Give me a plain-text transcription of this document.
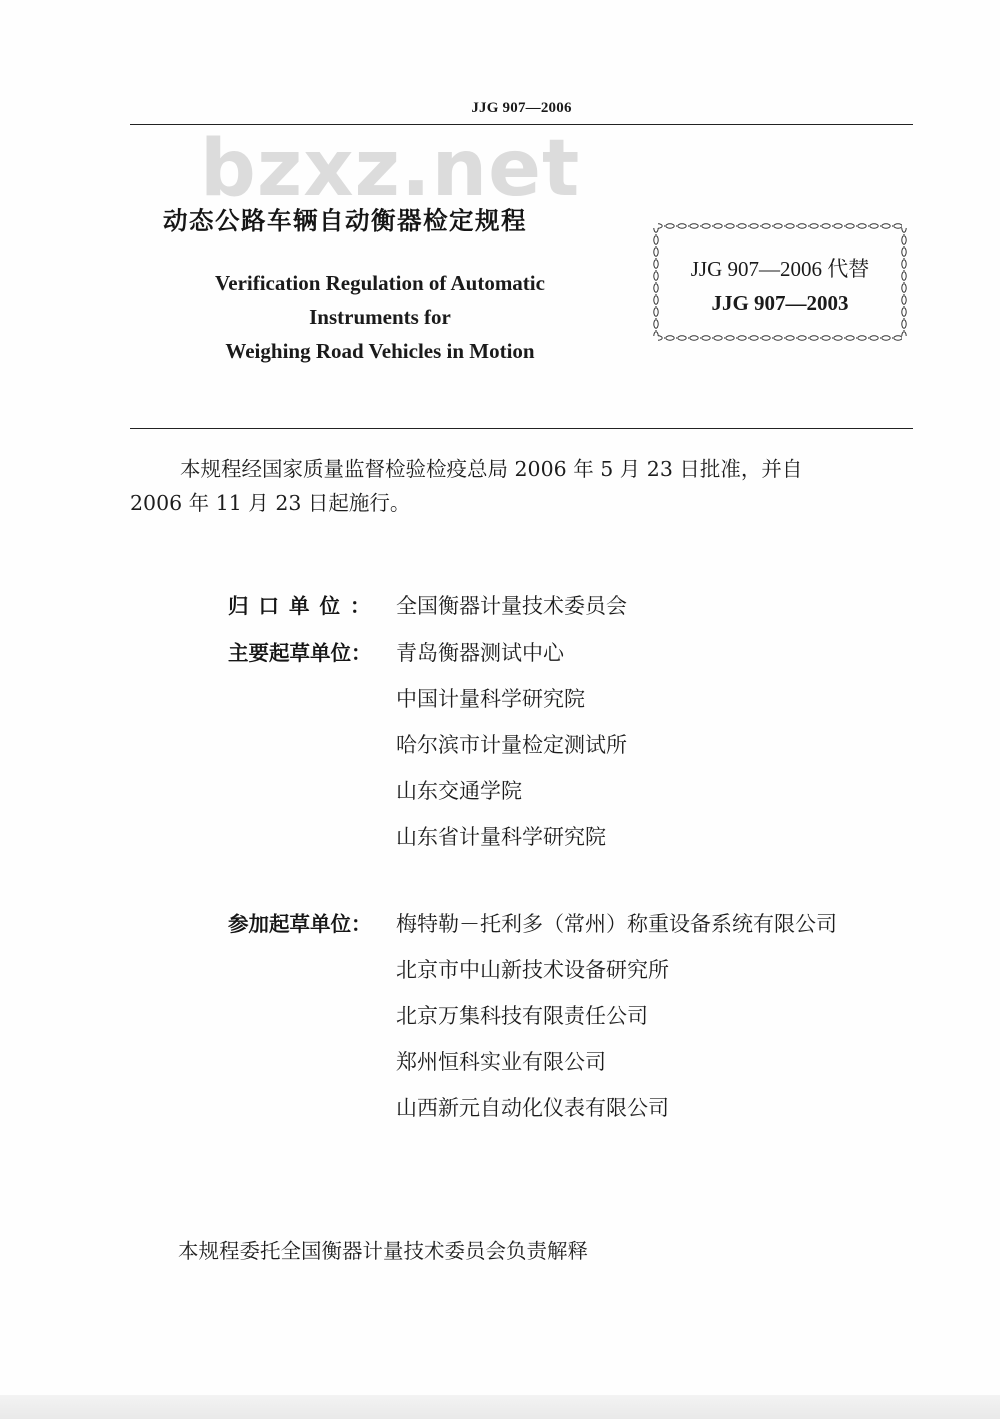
JJG 907—2006
bzxz.net
动态公路车辆自动衡器检定规程
Verification Regulation of Automatic
Instruments for
Weighing Road Vehicles in Motion
JJG 907—2006 代替
JJG 907—2003
本规程经国家质量监督检验检疫总局 2006 年 5 月 23 日批准，并自
2006 年 11 月 23 日起施行。
归口单位： 全国衡器计量技术委员会
主要起草单位： 青岛衡器测试中心
中国计量科学研究院
哈尔滨市计量检定测试所
山东交通学院
山东省计量科学研究院
参加起草单位： 梅特勒－托利多（常州）称重设备系统有限公司
北京市中山新技术设备研究所
北京万集科技有限责任公司
郑州恒科实业有限公司
山西新元自动化仪表有限公司
本规程委托全国衡器计量技术委员会负责解释
